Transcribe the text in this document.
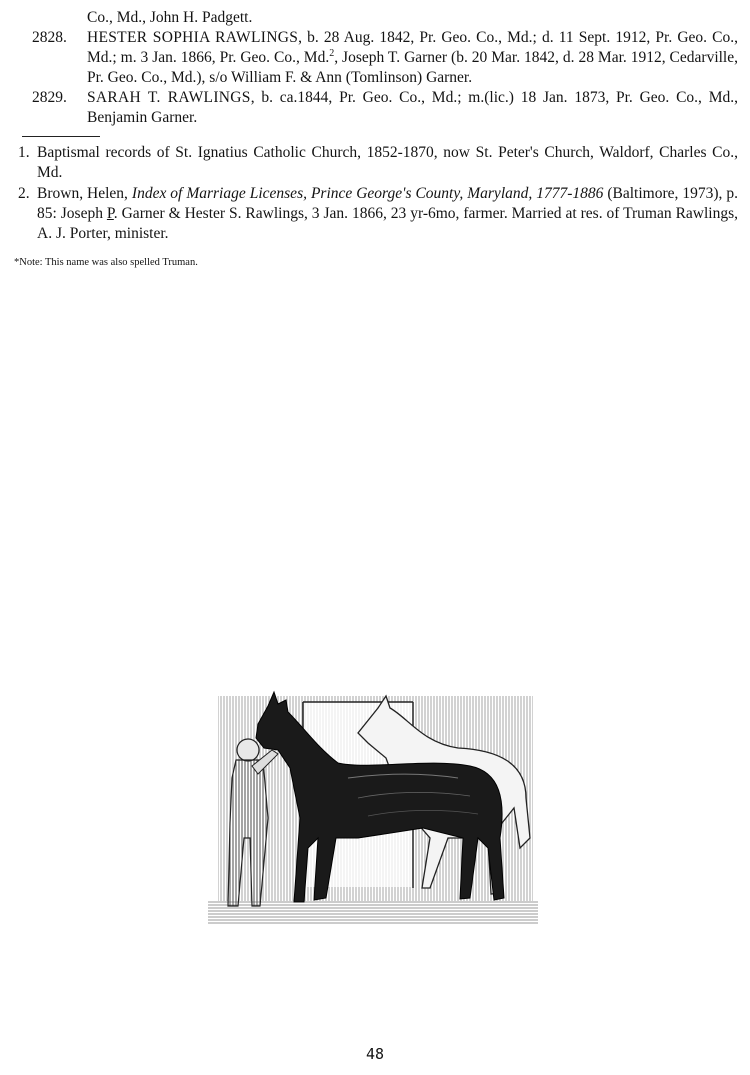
Co., Md., John H. Padgett.
2828.	HESTER SOPHIA RAWLINGS, b. 28 Aug. 1842, Pr. Geo. Co., Md.; d. 11 Sept. 1912, Pr. Geo. Co., Md.; m. 3 Jan. 1866, Pr. Geo. Co., Md.$^2$, Joseph T. Garner (b. 20 Mar. 1842, d. 28 Mar. 1912, Cedarville, Pr. Geo. Co., Md.), s/o William F. & Ann (Tomlinson) Garner.
2829.	SARAH T. RAWLINGS, b. ca.1844, Pr. Geo. Co., Md.; m.(lic.) 18 Jan. 1873, Pr. Geo. Co., Md., Benjamin Garner.
1. Baptismal records of St. Ignatius Catholic Church, 1852-1870, now St. Peter's Church, Waldorf, Charles Co., Md.
2. Brown, Helen, Index of Marriage Licenses, Prince George's County, Maryland, 1777-1886 (Baltimore, 1973), p. 85: Joseph P. Garner & Hester S. Rawlings, 3 Jan. 1866, 23 yr-6mo, farmer. Married at res. of Truman Rawlings, A. J. Porter, minister.
*Note: This name was also spelled Truman.
48
